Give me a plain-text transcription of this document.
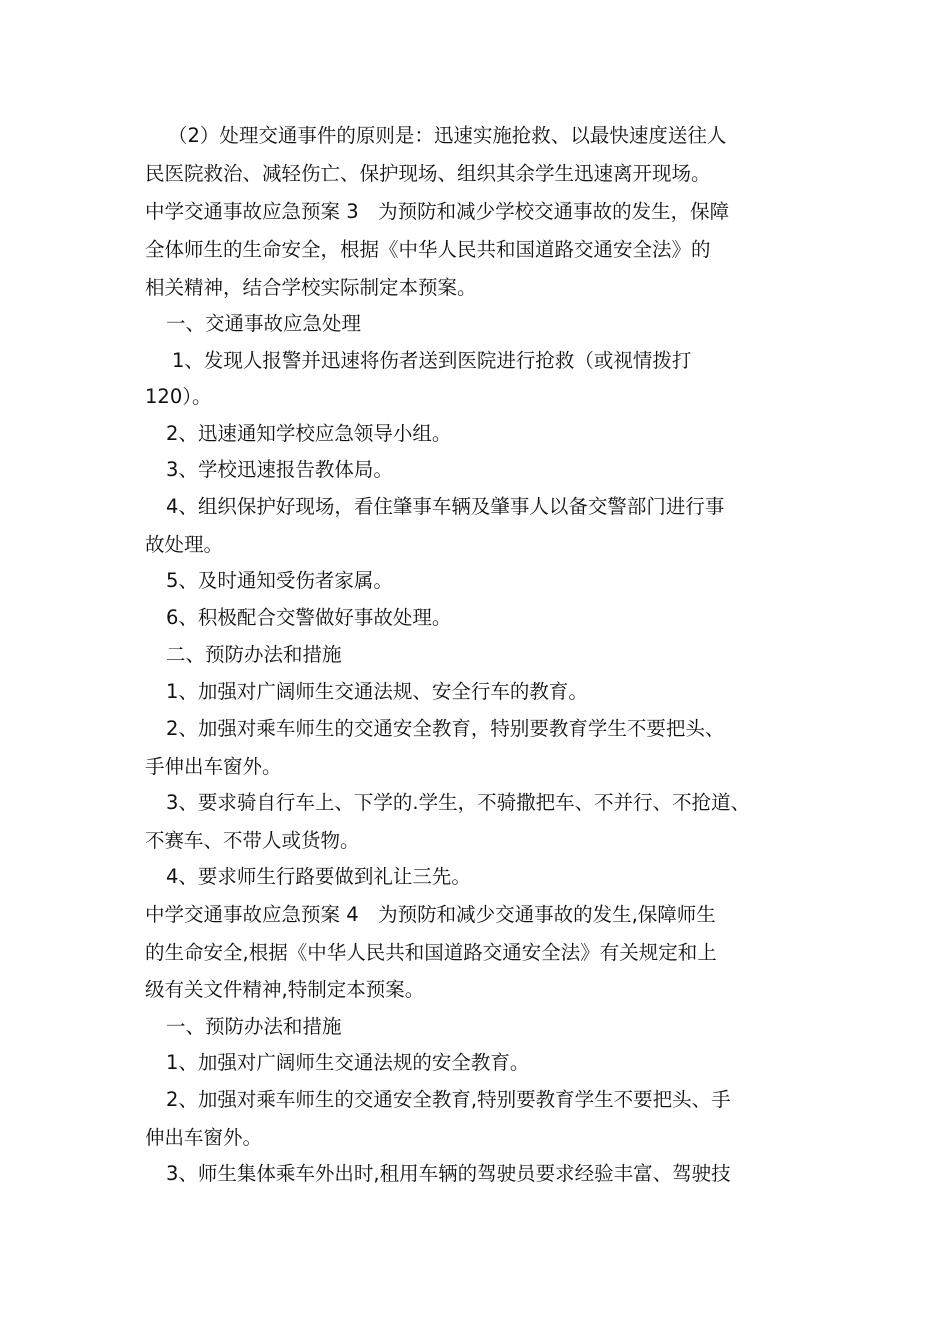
（2）处理交通事件的原则是：迅速实施抢救、以最快速度送往人
民医院救治、减轻伤亡、保护现场、组织其余学生迅速离开现场。
中学交通事故应急预案 3　为预防和减少学校交通事故的发生，保障
全体师生的生命安全，根据《中华人民共和国道路交通安全法》的
相关精神，结合学校实际制定本预案。
一、交通事故应急处理
1、发现人报警并迅速将伤者送到医院进行抢救（或视情拨打
120）。
2、迅速通知学校应急领导小组。
3、学校迅速报告教体局。
4、组织保护好现场，看住肇事车辆及肇事人以备交警部门进行事
故处理。
5、及时通知受伤者家属。
6、积极配合交警做好事故处理。
二、预防办法和措施
1、加强对广阔师生交通法规、安全行车的教育。
2、加强对乘车师生的交通安全教育，特别要教育学生不要把头、
手伸出车窗外。
3、要求骑自行车上、下学的.学生，不骑撒把车、不并行、不抢道、
不赛车、不带人或货物。
4、要求师生行路要做到礼让三先。
中学交通事故应急预案 4　为预防和减少交通事故的发生,保障师生
的生命安全,根据《中华人民共和国道路交通安全法》有关规定和上
级有关文件精神,特制定本预案。
一、预防办法和措施
1、加强对广阔师生交通法规的安全教育。
2、加强对乘车师生的交通安全教育,特别要教育学生不要把头、手
伸出车窗外。
3、师生集体乘车外出时,租用车辆的驾驶员要求经验丰富、驾驶技
